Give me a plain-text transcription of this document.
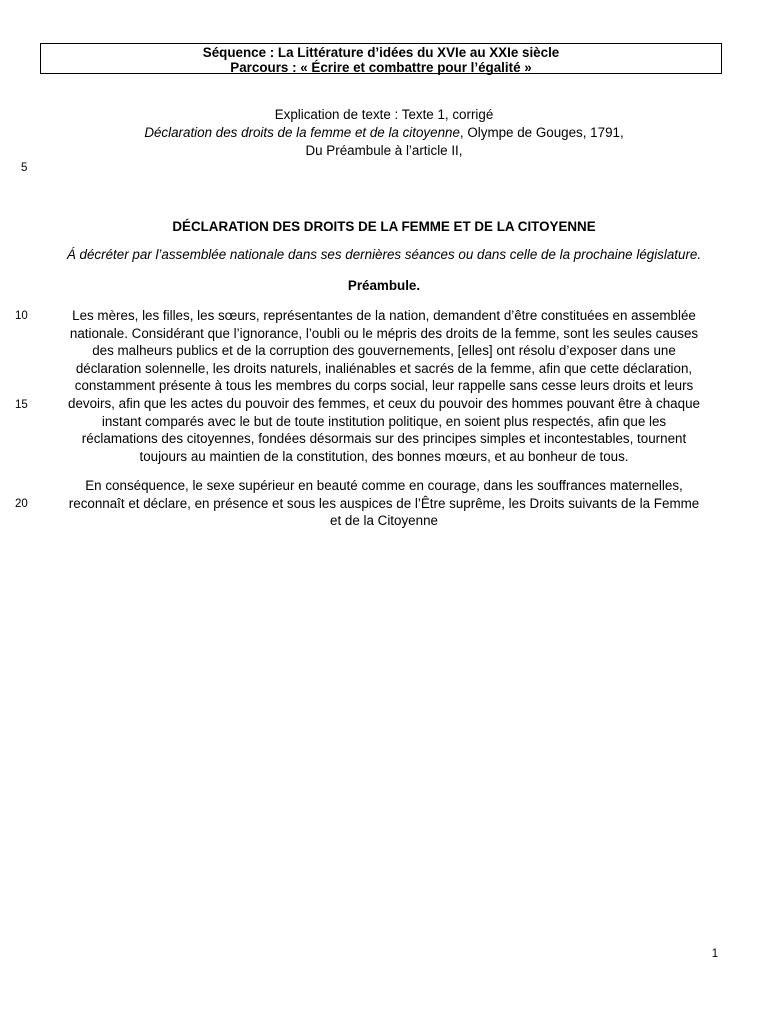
Séquence : La Littérature d’idées du XVIe au XXIe siècle
Parcours : « Écrire et combattre pour l’égalité »
Explication de texte : Texte 1, corrigé
Déclaration des droits de la femme et de la citoyenne, Olympe de Gouges, 1791,
Du Préambule à l’article II,
5
DÉCLARATION DES DROITS DE LA FEMME ET DE LA CITOYENNE
Á décréter par l’assemblée nationale dans ses dernières séances ou dans celle de la prochaine législature.
Préambule.
10	Les mères, les filles, les sœurs, représentantes de la nation, demandent d’être constituées en assemblée
nationale. Considérant que l’ignorance, l’oubli ou le mépris des droits de la femme, sont les seules causes
des malheurs publics et de la corruption des gouvernements, [elles] ont résolu d’exposer dans une
déclaration solennelle, les droits naturels, inaliénables et sacrés de la femme, afin que cette déclaration,
constamment présente à tous les membres du corps social, leur rappelle sans cesse leurs droits et leurs
devoirs, afin que les actes du pouvoir des femmes, et ceux du pouvoir des hommes pouvant être à chaque
instant comparés avec le but de toute institution politique, en soient plus respectés, afin que les
réclamations des citoyennes, fondées désormais sur des principes simples et incontestables, tournent
toujours au maintien de la constitution, des bonnes mœurs, et au bonheur de tous.
15
En conséquence, le sexe supérieur en beauté comme en courage, dans les souffrances maternelles,
reconnaît et déclare, en présence et sous les auspices de l’Être suprême, les Droits suivants de la Femme
et de la Citoyenne
20
1
